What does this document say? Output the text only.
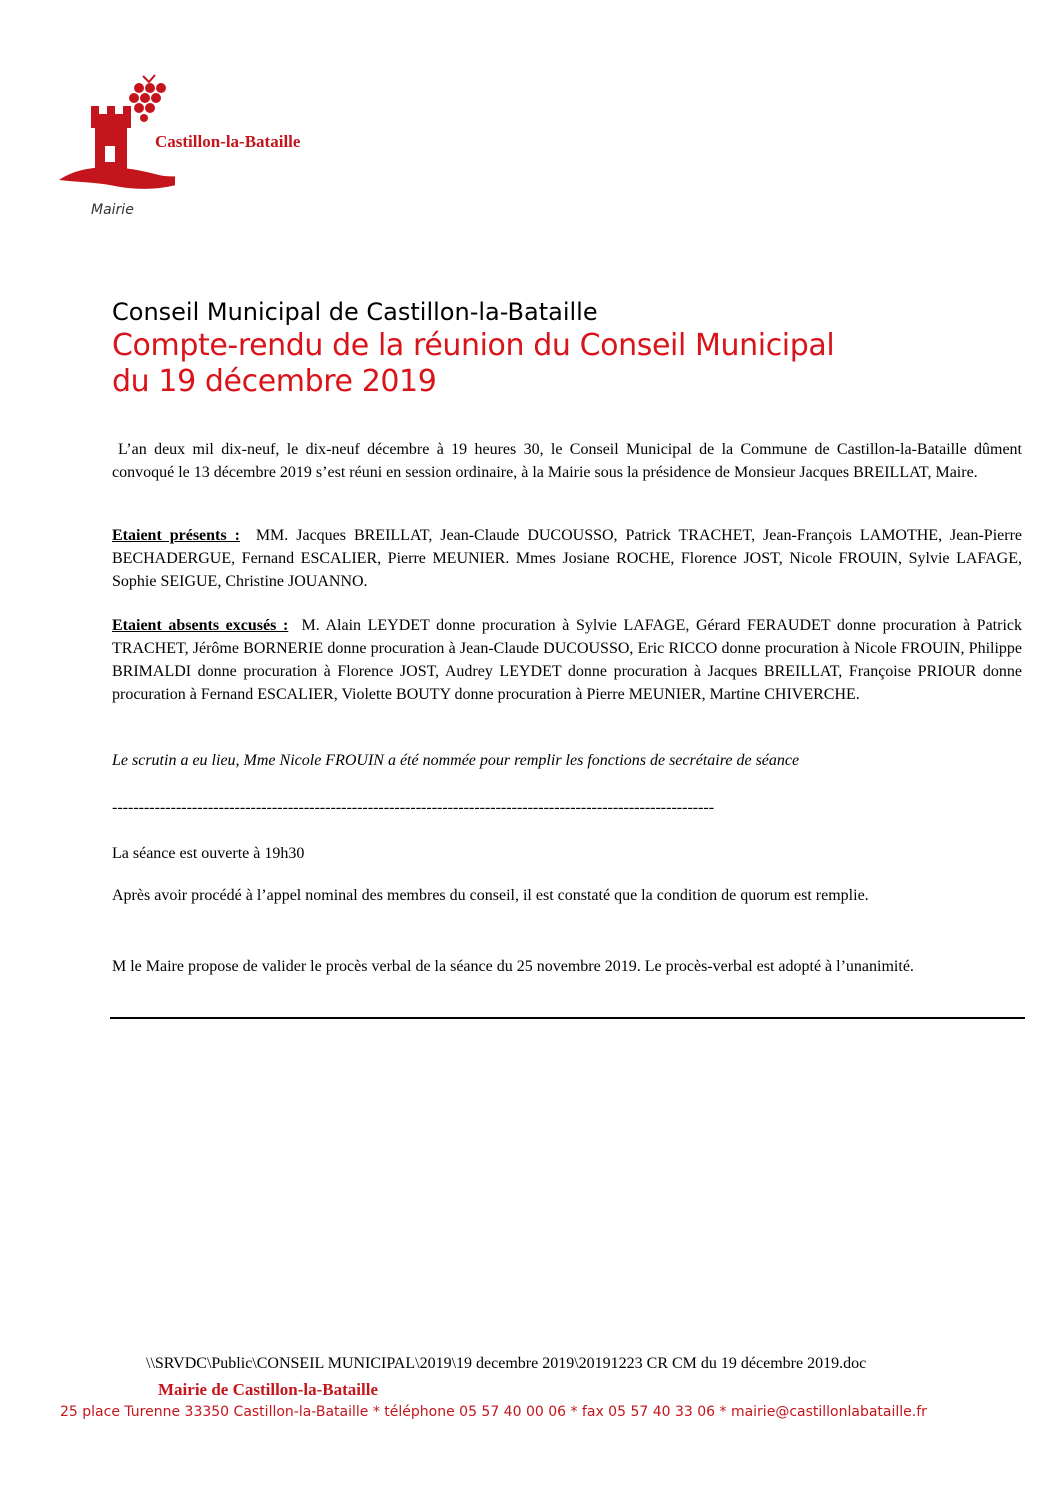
Castillon-la-Bataille
Mairie
Conseil Municipal de Castillon-la-Bataille
Compte-rendu de la réunion du Conseil Municipal
du 19 décembre 2019
L’an deux mil dix-neuf, le dix-neuf décembre à 19 heures 30, le Conseil Municipal de la Commune de Castillon-la-Bataille dûment convoqué le 13 décembre 2019 s’est réuni en session ordinaire, à la Mairie sous la présidence de Monsieur Jacques BREILLAT, Maire.
Etaient présents : MM. Jacques BREILLAT, Jean-Claude DUCOUSSO, Patrick TRACHET, Jean-François LAMOTHE, Jean-Pierre BECHADERGUE, Fernand ESCALIER, Pierre MEUNIER. Mmes Josiane ROCHE, Florence JOST, Nicole FROUIN, Sylvie LAFAGE, Sophie SEIGUE, Christine JOUANNO.
Etaient absents excusés : M. Alain LEYDET donne procuration à Sylvie LAFAGE, Gérard FERAUDET donne procuration à Patrick TRACHET, Jérôme BORNERIE donne procuration à Jean-Claude DUCOUSSO, Eric RICCO donne procuration à Nicole FROUIN, Philippe BRIMALDI donne procuration à Florence JOST, Audrey LEYDET donne procuration à Jacques BREILLAT, Françoise PRIOUR donne procuration à Fernand ESCALIER, Violette BOUTY donne procuration à Pierre MEUNIER, Martine CHIVERCHE.
Le scrutin a eu lieu, Mme Nicole FROUIN a été nommée pour remplir les fonctions de secrétaire de séance
-----------------------------------------------------------------------------------------------------------------
La séance est ouverte à 19h30
Après avoir procédé à l’appel nominal des membres du conseil, il est constaté que la condition de quorum est remplie.
M le Maire propose de valider le procès verbal de la séance du 25 novembre 2019. Le procès-verbal est adopté à l’unanimité.
\\SRVDC\Public\CONSEIL MUNICIPAL\2019\19 decembre 2019\20191223 CR CM du 19 décembre 2019.doc
Mairie de Castillon-la-Bataille
25 place Turenne 33350 Castillon-la-Bataille * téléphone 05 57 40 00 06 * fax 05 57 40 33 06 * mairie@castillonlabataille.fr
